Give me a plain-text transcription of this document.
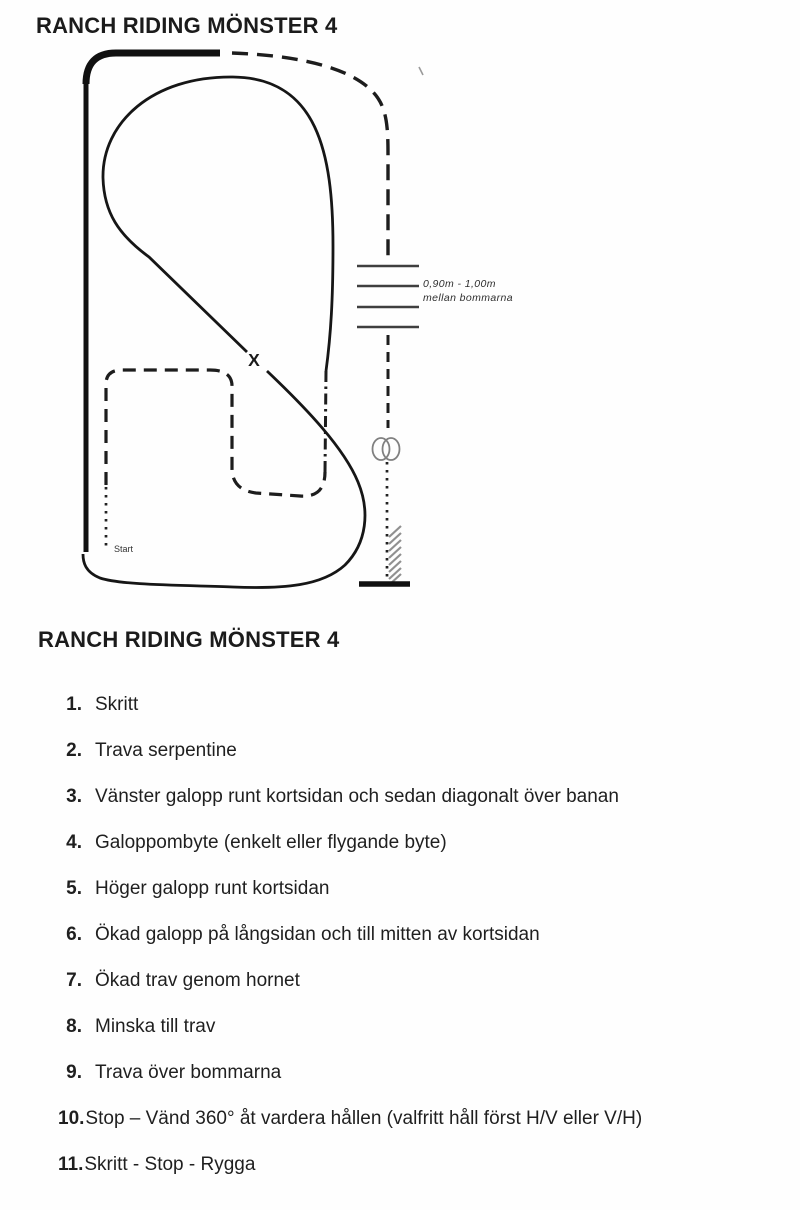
RANCH RIDING MÖNSTER 4
0,90m - 1,00m
mellan bommarna
Start
X
RANCH RIDING MÖNSTER 4
1. Skritt
2. Trava serpentine
3. Vänster galopp runt kortsidan och sedan diagonalt över banan
4. Galoppombyte (enkelt eller flygande byte)
5. Höger galopp runt kortsidan
6. Ökad galopp på långsidan och till mitten av kortsidan
7. Ökad trav genom hornet
8. Minska till trav
9. Trava över bommarna
10. Stop – Vänd 360° åt vardera hållen (valfritt håll först H/V eller V/H)
11. Skritt - Stop - Rygga
